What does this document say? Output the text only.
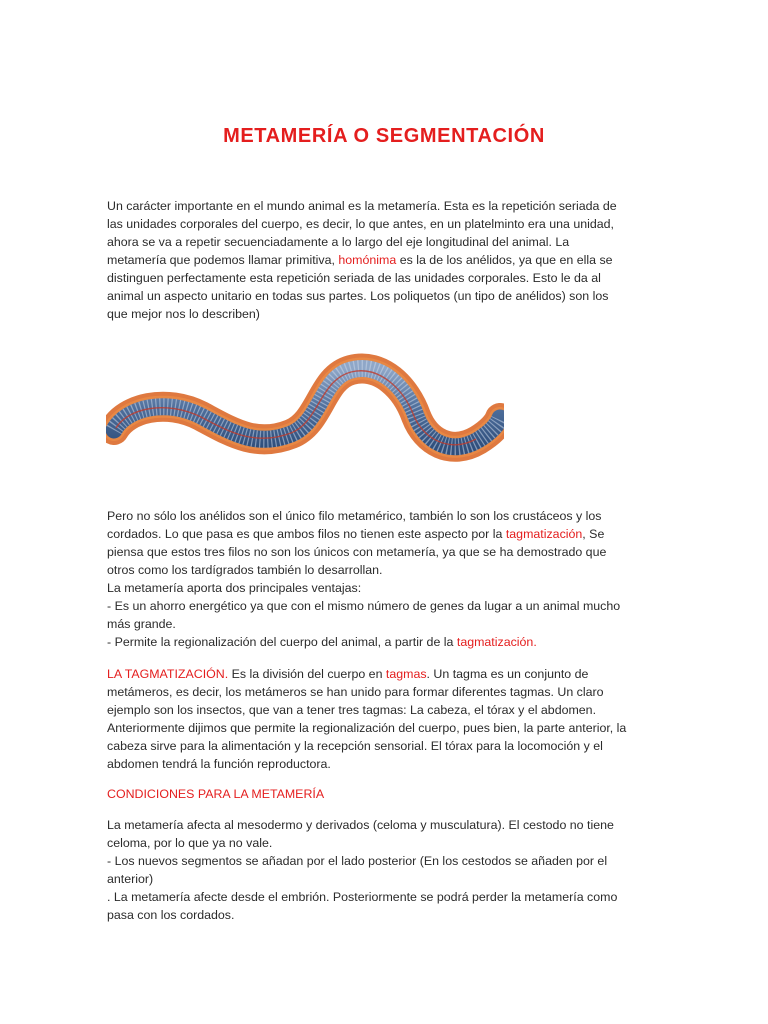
METAMERÍA O SEGMENTACIÓN
Un carácter importante en el mundo animal es la metamería. Esta es la repetición seriada de
las unidades corporales del cuerpo, es decir, lo que antes, en un platelminto era una unidad,
ahora se va a repetir secuenciadamente a lo largo del eje longitudinal del animal. La
metamería que podemos llamar primitiva, homónima es la de los anélidos, ya que en ella se
distinguen perfectamente esta repetición seriada de las unidades corporales. Esto le da al
animal un aspecto unitario en todas sus partes. Los poliquetos (un tipo de anélidos) son los
que mejor nos lo describen)
Pero no sólo los anélidos son el único filo metamérico, también lo son los crustáceos y los
cordados. Lo que pasa es que ambos filos no tienen este aspecto por la tagmatización, Se
piensa que estos tres filos no son los únicos con metamería, ya que se ha demostrado que
otros como los tardígrados también lo desarrollan.
La metamería aporta dos principales ventajas:
- Es un ahorro energético ya que con el mismo número de genes da lugar a un animal mucho
más grande.
- Permite la regionalización del cuerpo del animal, a partir de la tagmatización.
LA TAGMATIZACIÓN. Es la división del cuerpo en tagmas. Un tagma es un conjunto de
metámeros, es decir, los metámeros se han unido para formar diferentes tagmas. Un claro
ejemplo son los insectos, que van a tener tres tagmas: La cabeza, el tórax y el abdomen.
Anteriormente dijimos que permite la regionalización del cuerpo, pues bien, la parte anterior, la
cabeza sirve para la alimentación y la recepción sensorial. El tórax para la locomoción y el
abdomen tendrá la función reproductora.
CONDICIONES PARA LA METAMERÍA
La metamería afecta al mesodermo y derivados (celoma y musculatura). El cestodo no tiene
celoma, por lo que ya no vale.
- Los nuevos segmentos se añadan por el lado posterior (En los cestodos se añaden por el
anterior)
. La metamería afecte desde el embrión. Posteriormente se podrá perder la metamería como
pasa con los cordados.
